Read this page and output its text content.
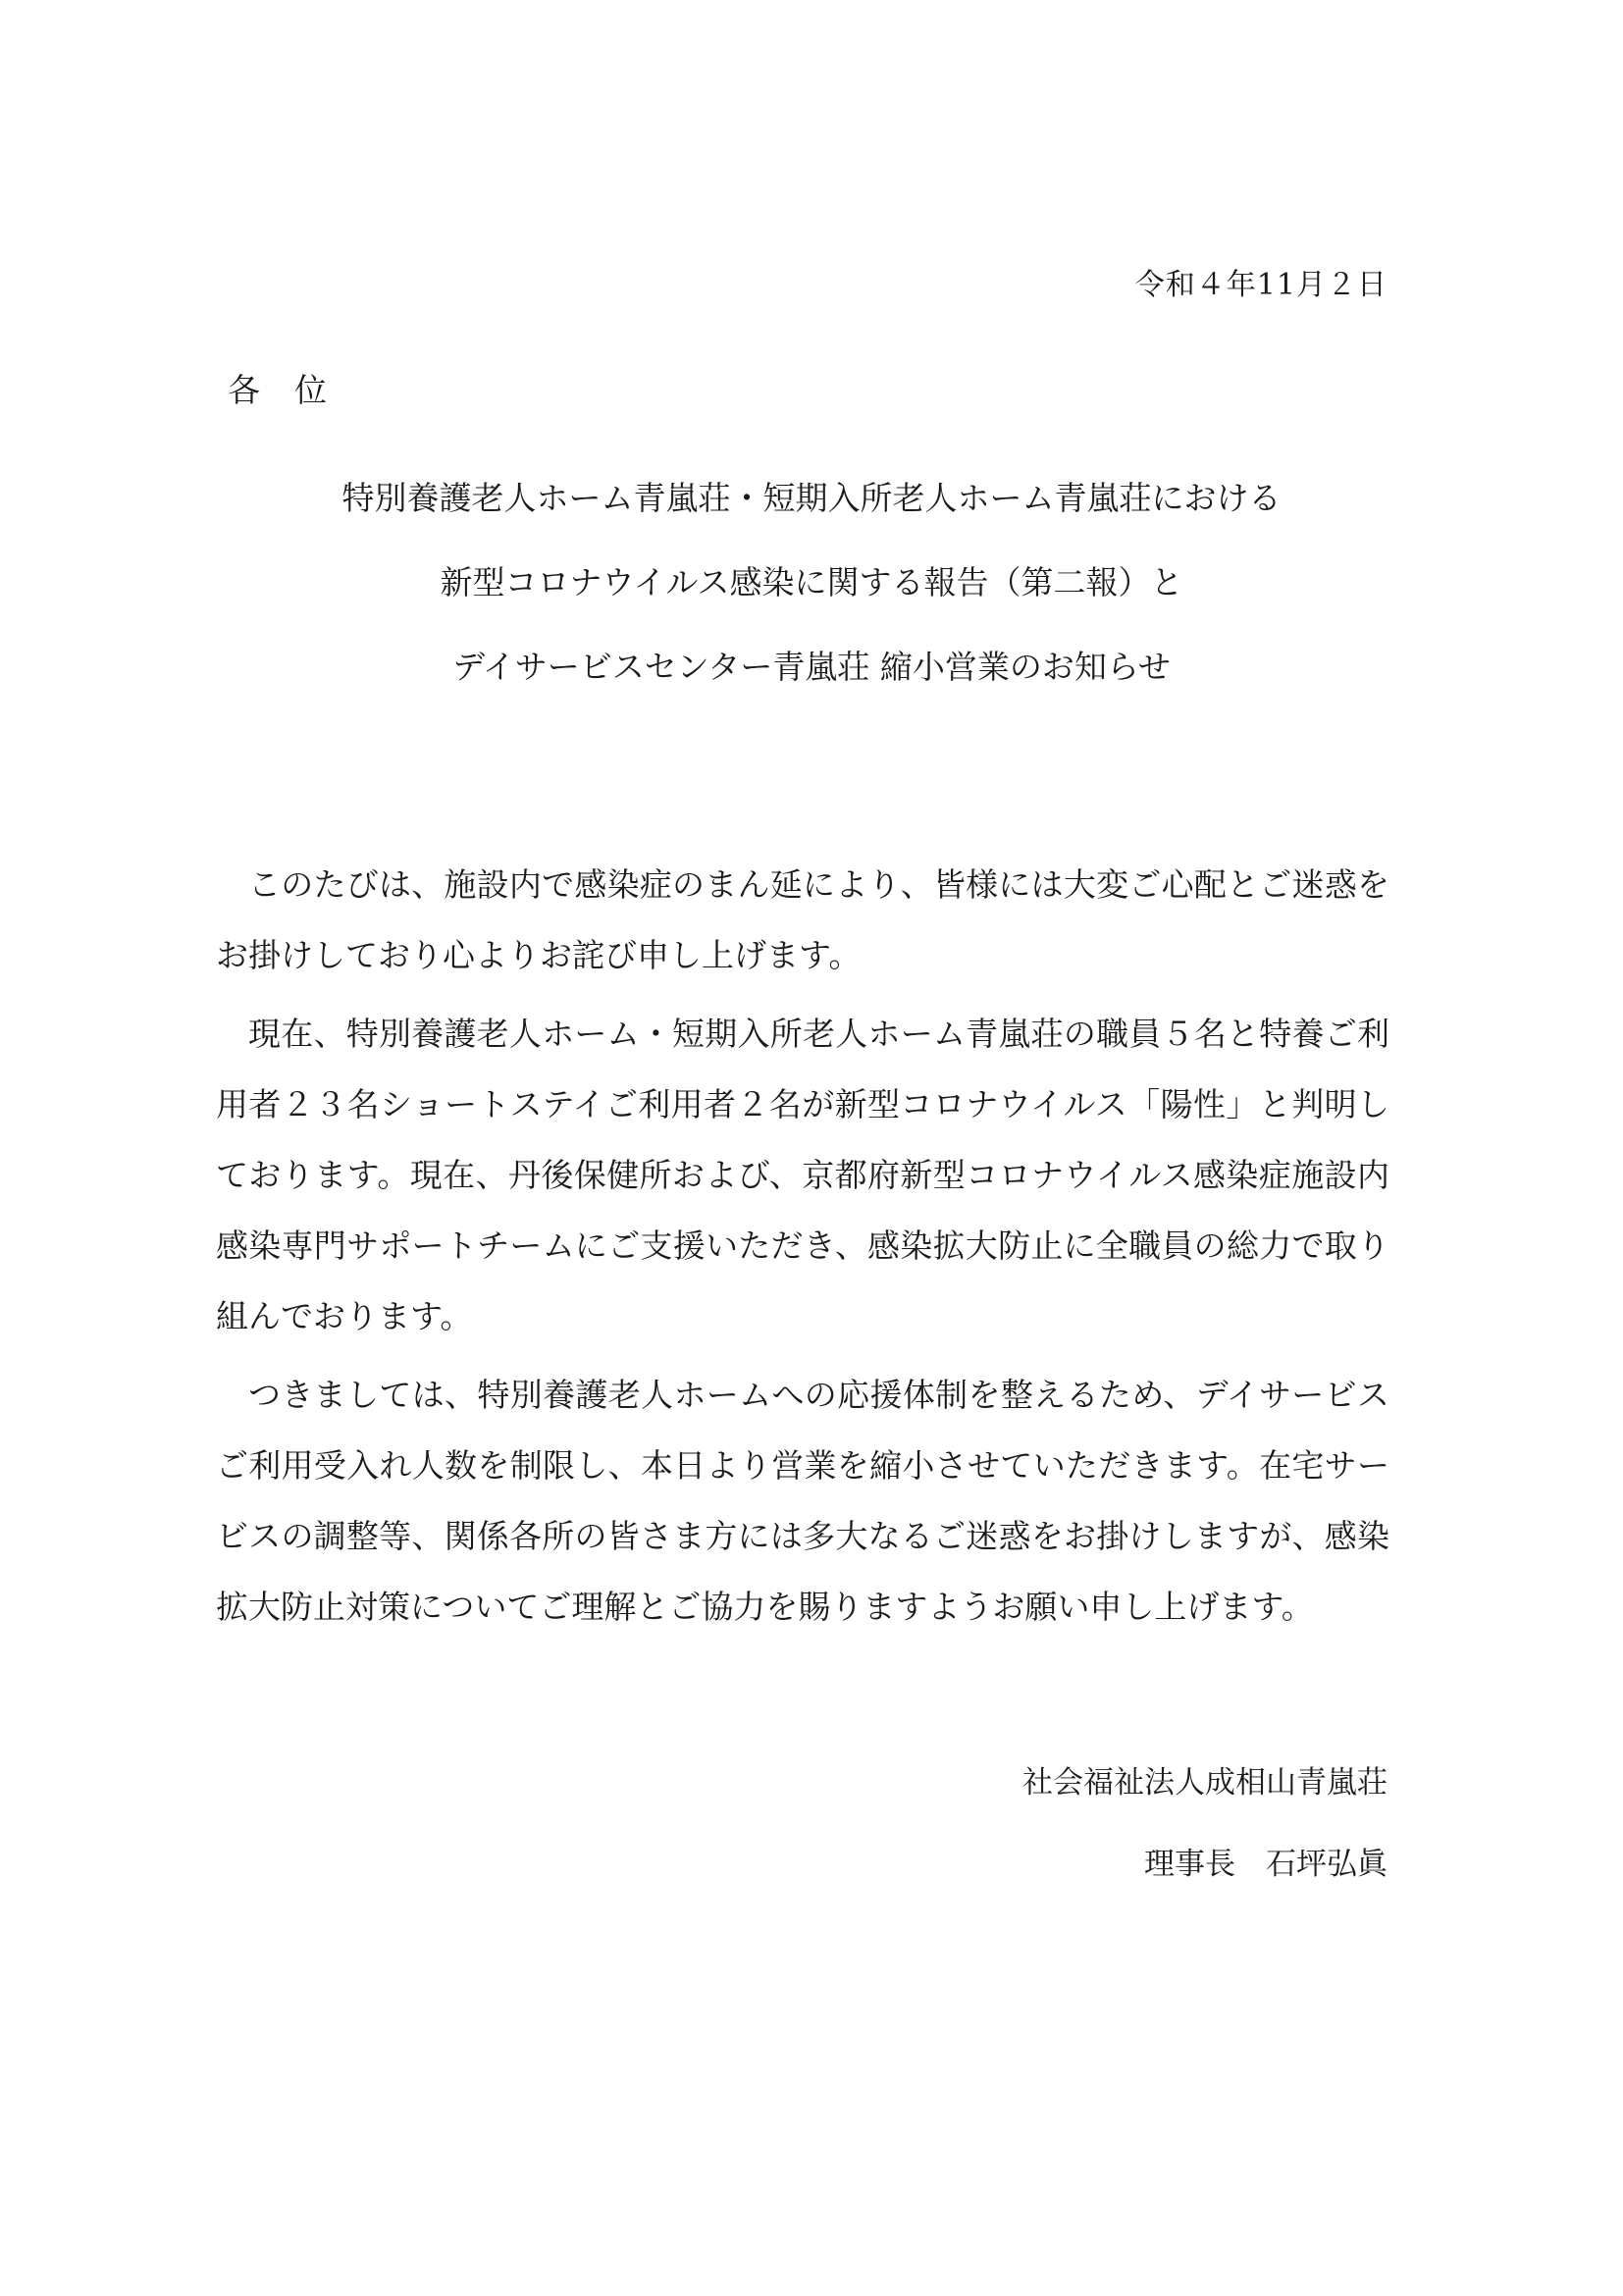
令和４年11月２日
各　位
特別養護老人ホーム青嵐荘・短期入所老人ホーム青嵐荘における
新型コロナウイルス感染に関する報告（第二報）と
デイサービスセンター青嵐荘 縮小営業のお知らせ

このたびは、施設内で感染症のまん延により、皆様には大変ご心配とご迷惑をお掛けしており心よりお詫び申し上げます。

現在、特別養護老人ホーム・短期入所老人ホーム青嵐荘の職員５名と特養ご利用者２３名ショートステイご利用者２名が新型コロナウイルス「陽性」と判明しております。現在、丹後保健所および、京都府新型コロナウイルス感染症施設内感染専門サポートチームにご支援いただき、感染拡大防止に全職員の総力で取り組んでおります。

つきましては、特別養護老人ホームへの応援体制を整えるため、デイサービスご利用受入れ人数を制限し、本日より営業を縮小させていただきます。在宅サービスの調整等、関係各所の皆さま方には多大なるご迷惑をお掛けしますが、感染拡大防止対策についてご理解とご協力を賜りますようお願い申し上げます。

社会福祉法人成相山青嵐荘
理事長　石坪弘眞
